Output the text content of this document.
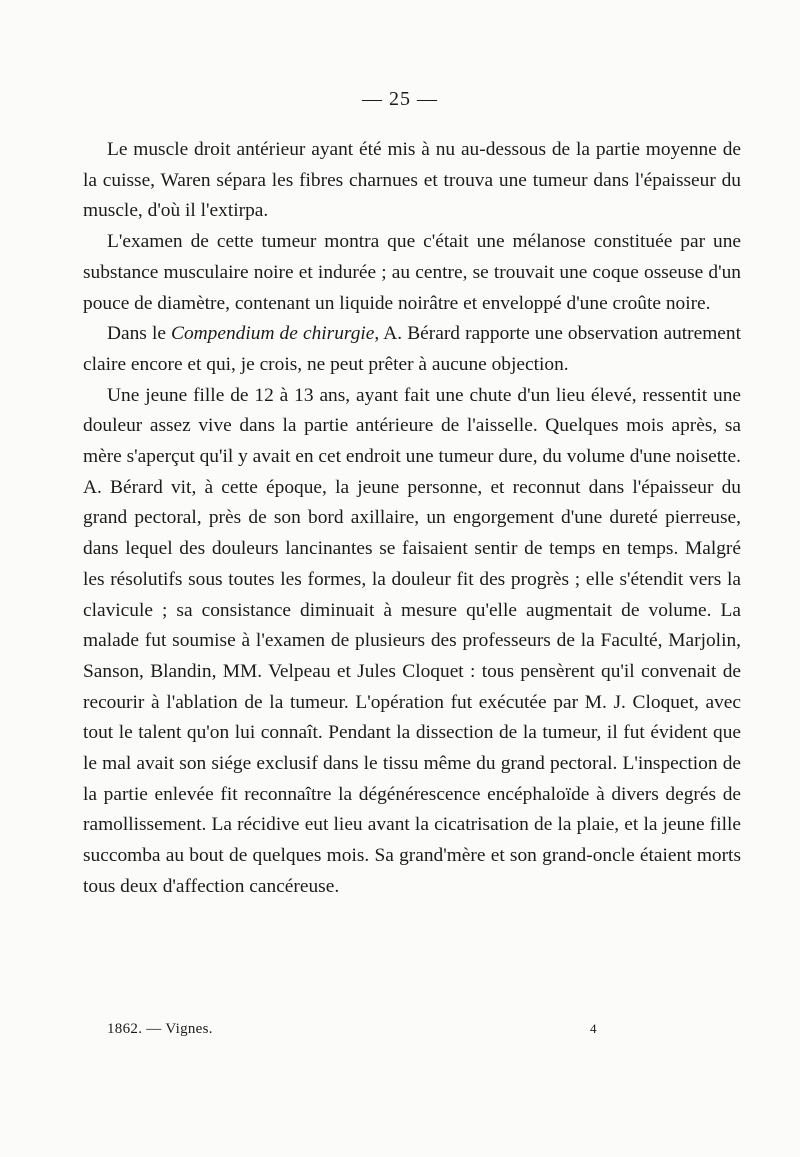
— 25 —

Le muscle droit antérieur ayant été mis à nu au-dessous de la partie moyenne de la cuisse, Waren sépara les fibres charnues et trouva une tumeur dans l'épaisseur du muscle, d'où il l'extirpa.

L'examen de cette tumeur montra que c'était une mélanose constituée par une substance musculaire noire et indurée ; au centre, se trouvait une coque osseuse d'un pouce de diamètre, contenant un liquide noirâtre et enveloppé d'une croûte noire.

Dans le Compendium de chirurgie, A. Bérard rapporte une observation autrement claire encore et qui, je crois, ne peut prêter à aucune objection.

Une jeune fille de 12 à 13 ans, ayant fait une chute d'un lieu élevé, ressentit une douleur assez vive dans la partie antérieure de l'aisselle. Quelques mois après, sa mère s'aperçut qu'il y avait en cet endroit une tumeur dure, du volume d'une noisette. A. Bérard vit, à cette époque, la jeune personne, et reconnut dans l'épaisseur du grand pectoral, près de son bord axillaire, un engorgement d'une dureté pierreuse, dans lequel des douleurs lancinantes se faisaient sentir de temps en temps. Malgré les résolutifs sous toutes les formes, la douleur fit des progrès ; elle s'étendit vers la clavicule ; sa consistance diminuait à mesure qu'elle augmentait de volume. La malade fut soumise à l'examen de plusieurs des professeurs de la Faculté, Marjolin, Sanson, Blandin, MM. Velpeau et Jules Cloquet : tous pensèrent qu'il convenait de recourir à l'ablation de la tumeur. L'opération fut exécutée par M. J. Cloquet, avec tout le talent qu'on lui connaît. Pendant la dissection de la tumeur, il fut évident que le mal avait son siége exclusif dans le tissu même du grand pectoral. L'inspection de la partie enlevée fit reconnaître la dégénérescence encéphaloïde à divers degrés de ramollissement. La récidive eut lieu avant la cicatrisation de la plaie, et la jeune fille succomba au bout de quelques mois. Sa grand'mère et son grand-oncle étaient morts tous deux d'affection cancéreuse.

1862. — Vignes.	4
